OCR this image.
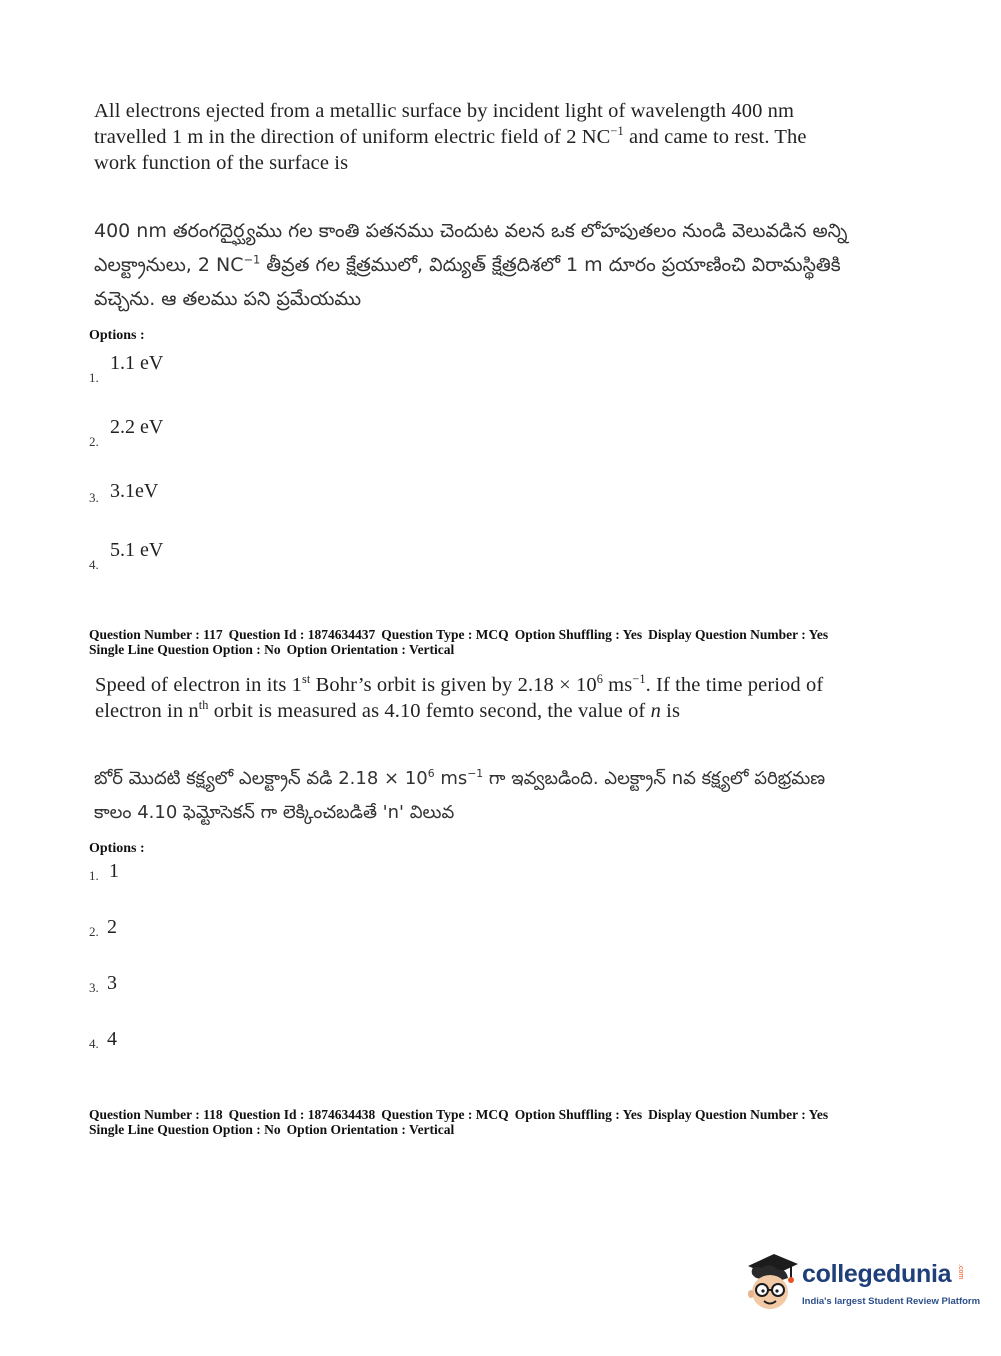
All electrons ejected from a metallic surface by incident light of wavelength 400 nm
travelled 1 m in the direction of uniform electric field of 2 $NC^{-1}$ and came to rest. The
work function of the surface is
400 nm తరంగదైర్ఘ్యము గల కాంతి పతనము చెందుట వలన ఒక లోహపుతలం నుండి వెలువడిన అన్ని
ఎలక్ట్రానులు, 2 $NC^{-1}$ తీవ్రత గల క్షేత్రములో, విద్యుత్ క్షేత్రదిశలో 1 m దూరం ప్రయాణించి విరామస్థితికి
వచ్చెను. ఆ తలము పని ప్రమేయము
Options :
1.
1.1 eV
2.
2.2 eV
3. 3.1eV
4.
5.1 eV
Question Number : 117 Question Id : 1874634437 Question Type : MCQ Option Shuffling : Yes Display Question Number : Yes
Single Line Question Option : No Option Orientation : Vertical
Speed of electron in its 1st Bohr’s orbit is given by $2.18 \times 10^6$ $ms^{-1}$. If the time period of
electron in $n^{th}$ orbit is measured as 4.10 femto second, the value of n is
బోర్ మొదటి కక్ష్యలో ఎలక్ట్రాన్ వడి $2.18 \times 10^6$ $ms^{-1}$ గా ఇవ్వబడింది. ఎలక్ట్రాన్ nవ కక్ష్యలో పరిభ్రమణ
కాలం 4.10 ఫెమ్టోసెకన్ గా లెక్కించబడితే 'n' విలువ
Options :
1. 1
2. 2
3. 3
4. 4
Question Number : 118 Question Id : 1874634438 Question Type : MCQ Option Shuffling : Yes Display Question Number : Yes
Single Line Question Option : No Option Orientation : Vertical
collegedunia .com
India's largest Student Review Platform
